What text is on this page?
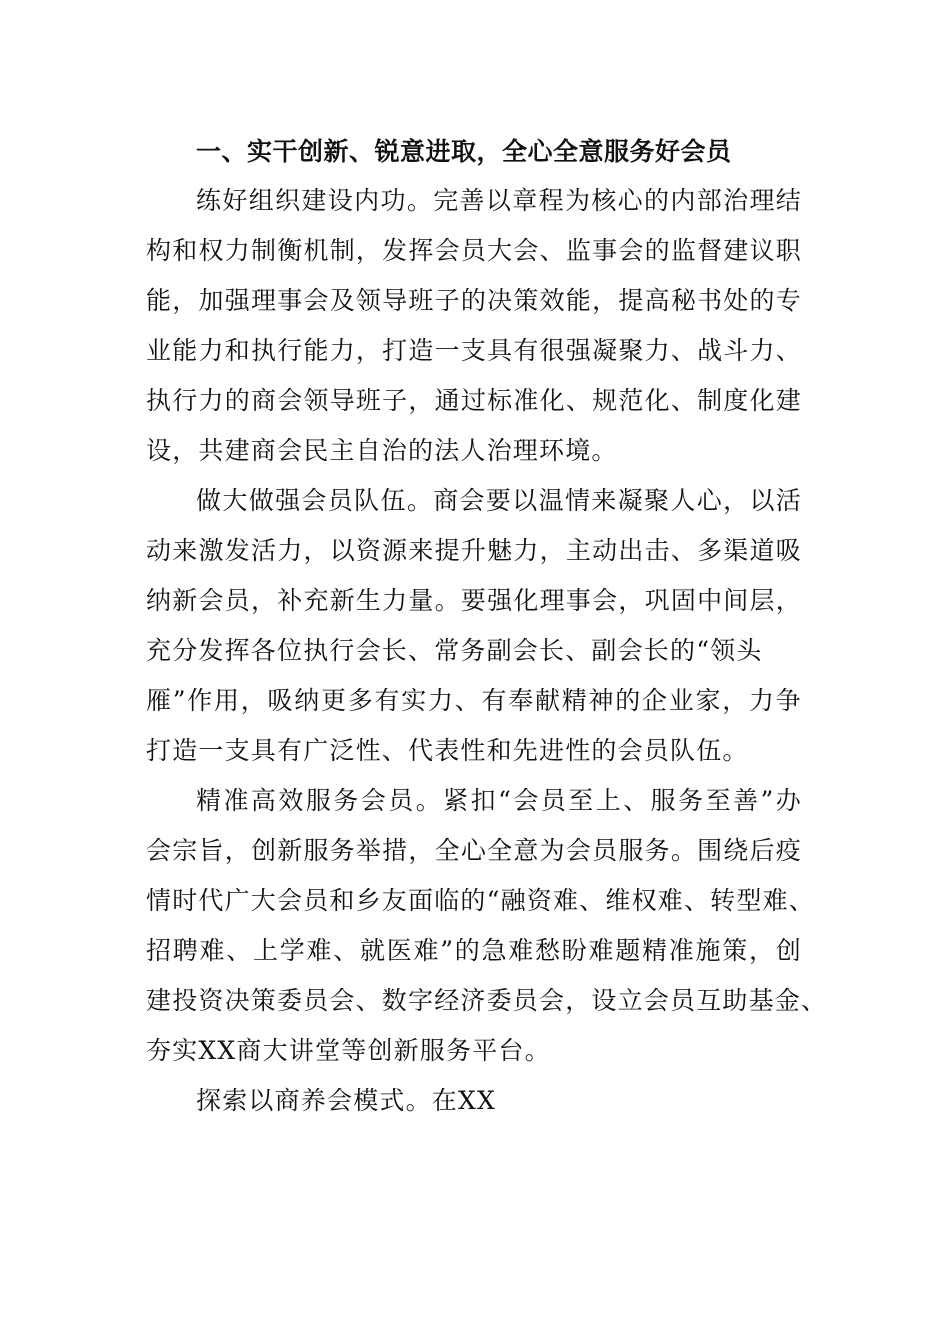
一、实干创新、锐意进取，全心全意服务好会员
练好组织建设内功。完善以章程为核心的内部治理结
构和权力制衡机制，发挥会员大会、监事会的监督建议职
能，加强理事会及领导班子的决策效能，提高秘书处的专
业能力和执行能力，打造一支具有很强凝聚力、战斗力、
执行力的商会领导班子，通过标准化、规范化、制度化建
设，共建商会民主自治的法人治理环境。
做大做强会员队伍。商会要以温情来凝聚人心，以活
动来激发活力，以资源来提升魅力，主动出击、多渠道吸
纳新会员，补充新生力量。要强化理事会，巩固中间层，
充分发挥各位执行会长、常务副会长、副会长的“领头
雁”作用，吸纳更多有实力、有奉献精神的企业家，力争
打造一支具有广泛性、代表性和先进性的会员队伍。
精准高效服务会员。紧扣“会员至上、服务至善”办
会宗旨，创新服务举措，全心全意为会员服务。围绕后疫
情时代广大会员和乡友面临的“融资难、维权难、转型难、
招聘难、上学难、就医难”的急难愁盼难题精准施策，创
建投资决策委员会、数字经济委员会，设立会员互助基金、
夯实XX商大讲堂等创新服务平台。
探索以商养会模式。在XX
